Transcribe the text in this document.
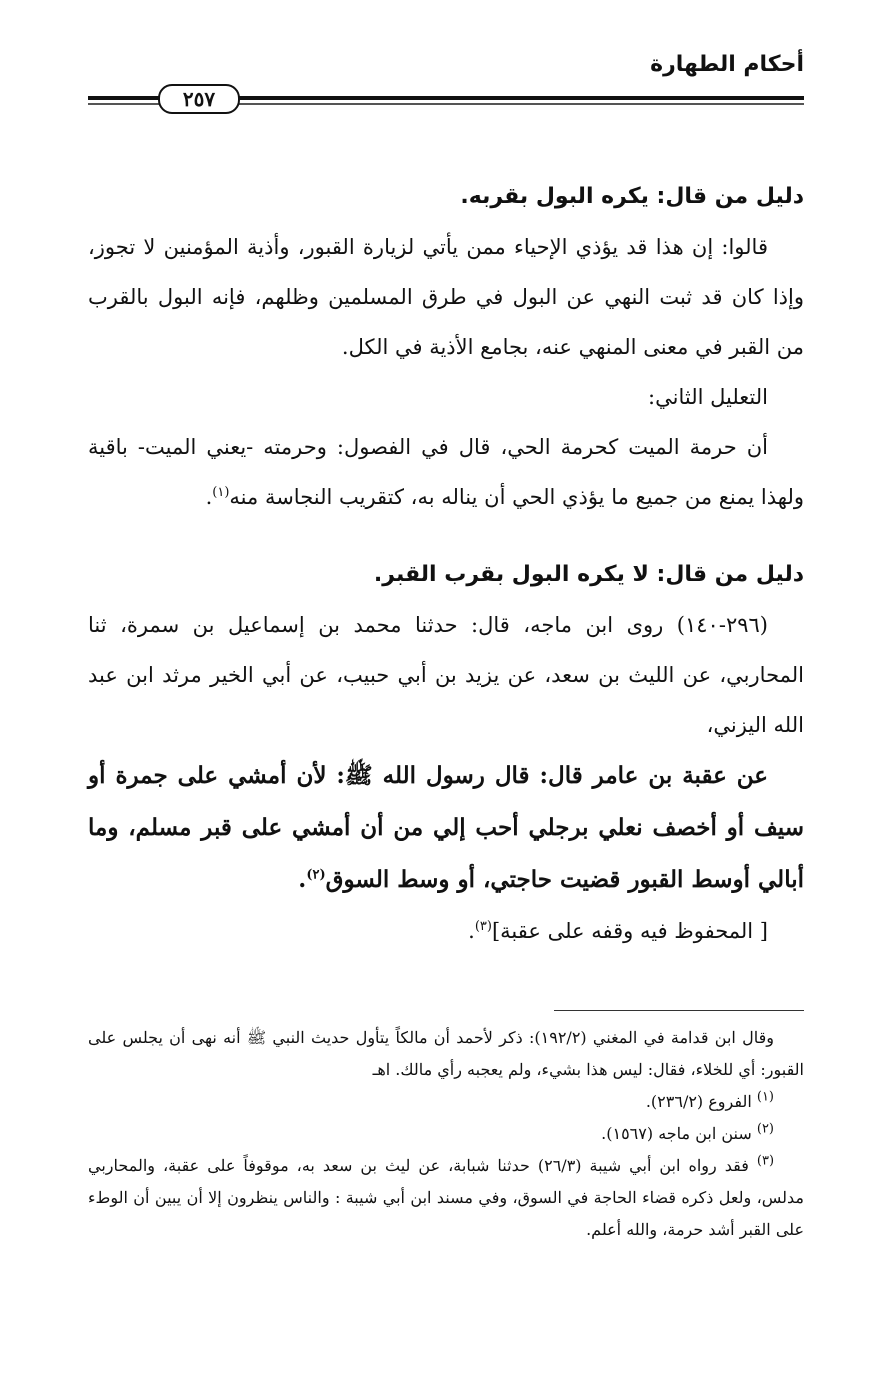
أحكام الطهارة
٢٥٧

دليل من قال: يكره البول بقربه.

قالوا: إن هذا قد يؤذي الإحياء ممن يأتي لزيارة القبور، وأذية المؤمنين لا تجوز، وإذا كان قد ثبت النهي عن البول في طرق المسلمين وظلهم، فإنه البول بالقرب من القبر في معنى المنهي عنه، بجامع الأذية في الكل.

التعليل الثاني:

أن حرمة الميت كحرمة الحي، قال في الفصول: وحرمته -يعني الميت- باقية ولهذا يمنع من جميع ما يؤذي الحي أن يناله به، كتقريب النجاسة منه$^{(١)}$.

دليل من قال: لا يكره البول بقرب القبر.

(٢٩٦-١٤٠) روى ابن ماجه، قال: حدثنا محمد بن إسماعيل بن سمرة، ثنا المحاربي، عن الليث بن سعد، عن يزيد بن أبي حبيب، عن أبي الخير مرثد ابن عبد الله اليزني،

عن عقبة بن عامر قال: قال رسول الله ﷺ: لأن أمشي على جمرة أو سيف أو أخصف نعلي برجلي أحب إلي من أن أمشي على قبر مسلم، وما أبالي أوسط القبور قضيت حاجتي، أو وسط السوق$^{(٢)}$.

[ المحفوظ فيه وقفه على عقبة]$^{(٣)}$.

وقال ابن قدامة في المغني (١٩٢/٢): ذكر لأحمد أن مالكاً يتأول حديث النبي ﷺ أنه نهى أن يجلس على القبور: أي للخلاء، فقال: ليس هذا بشيء، ولم يعجبه رأي مالك. اهـ

$^{(١)}$ الفروع (٢٣٦/٢).

$^{(٢)}$ سنن ابن ماجه (١٥٦٧).

$^{(٣)}$ فقد رواه ابن أبي شيبة (٢٦/٣) حدثنا شبابة، عن ليث بن سعد به، موقوفاً على عقبة، والمحاربي مدلس، ولعل ذكره قضاء الحاجة في السوق، وفي مسند ابن أبي شيبة : والناس ينظرون إلا أن يبين أن الوطء على القبر أشد حرمة، والله أعلم.
